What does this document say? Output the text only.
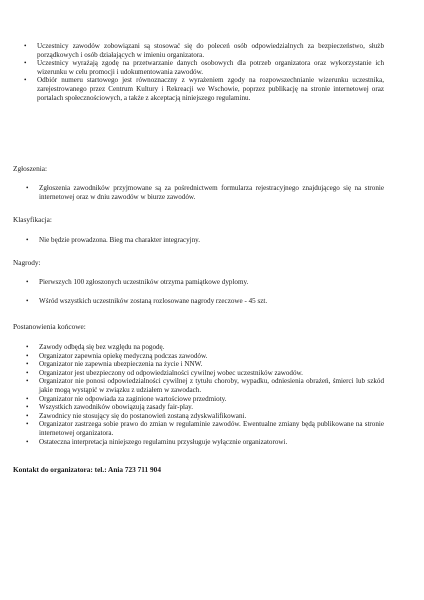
• Uczestnicy zawodów zobowiązani są stosować się do poleceń osób odpowiedzialnych za bezpieczeństwo, służb porządkowych i osób działających w imieniu organizatora.
• Uczestnicy wyrażają zgodę na przetwarzanie danych osobowych dla potrzeb organizatora oraz wykorzystanie ich wizerunku w celu promocji i udokumentowania zawodów.
• Odbiór numeru startowego jest równoznaczny z wyrażeniem zgody na rozpowszechnianie wizerunku uczestnika, zarejestrowanego przez Centrum Kultury i Rekreacji we Wschowie, poprzez publikację na stronie internetowej oraz portalach społecznościowych, a także z akceptacją niniejszego regulaminu.
Zgłoszenia:
• Zgłoszenia zawodników przyjmowane są za pośrednictwem formularza rejestracyjnego znajdującego się na stronie internetowej oraz w dniu zawodów w biurze zawodów.
Klasyfikacja:
• Nie będzie prowadzona. Bieg ma charakter integracyjny.
Nagrody:
• Pierwszych 100 zgłoszonych uczestników otrzyma pamiątkowe dyplomy.
• Wśród wszystkich uczestników zostaną rozlosowane nagrody rzeczowe - 45 szt.
Postanowienia końcowe:
• Zawody odbędą się bez względu na pogodę.
• Organizator zapewnia opiekę medyczną podczas zawodów.
• Organizator nie zapewnia ubezpieczenia na życie i NNW.
• Organizator jest ubezpieczony od odpowiedzialności cywilnej wobec uczestników zawodów.
• Organizator nie ponosi odpowiedzialności cywilnej z tytułu choroby, wypadku, odniesienia obrażeń, śmierci lub szkód jakie mogą wystąpić w związku z udziałem w zawodach.
• Organizator nie odpowiada za zaginione wartościowe przedmioty.
• Wszystkich zawodników obowiązują zasady fair-play.
• Zawodnicy nie stosujący się do postanowień zostaną zdyskwalifikowani.
• Organizator zastrzega sobie prawo do zmian w regulaminie zawodów. Ewentualne zmiany będą publikowane na stronie internetowej organizatora.
• Ostateczna interpretacja niniejszego regulaminu przysługuje wyłącznie organizatorowi.
Kontakt do organizatora: tel.: Ania 723 711 904
